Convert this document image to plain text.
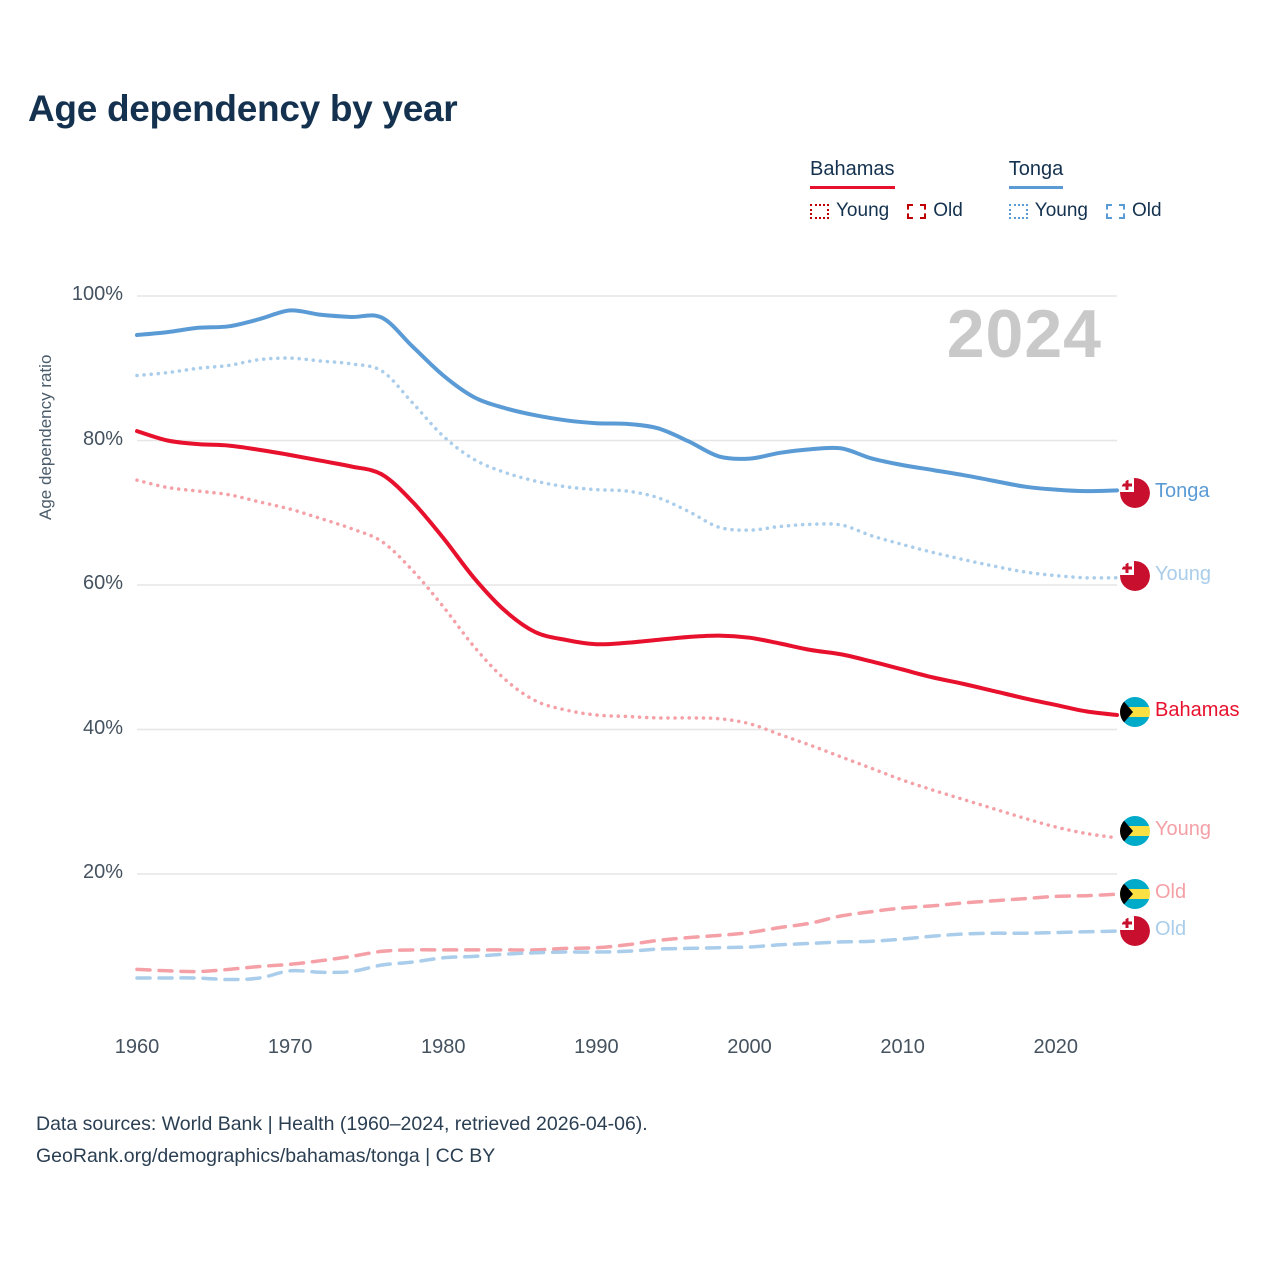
Age dependency by year
Bahamas
Young Old
Tonga
Young Old
2024
Age dependency ratio
20%
40%
60%
80%
100%
1960	1970	1980	1990	2000	2010	2020
Tonga
Young
Bahamas
Young
Old
Old
Data sources: World Bank | Health (1960–2024, retrieved 2026-04-06).
GeoRank.org/demographics/bahamas/tonga | CC BY
